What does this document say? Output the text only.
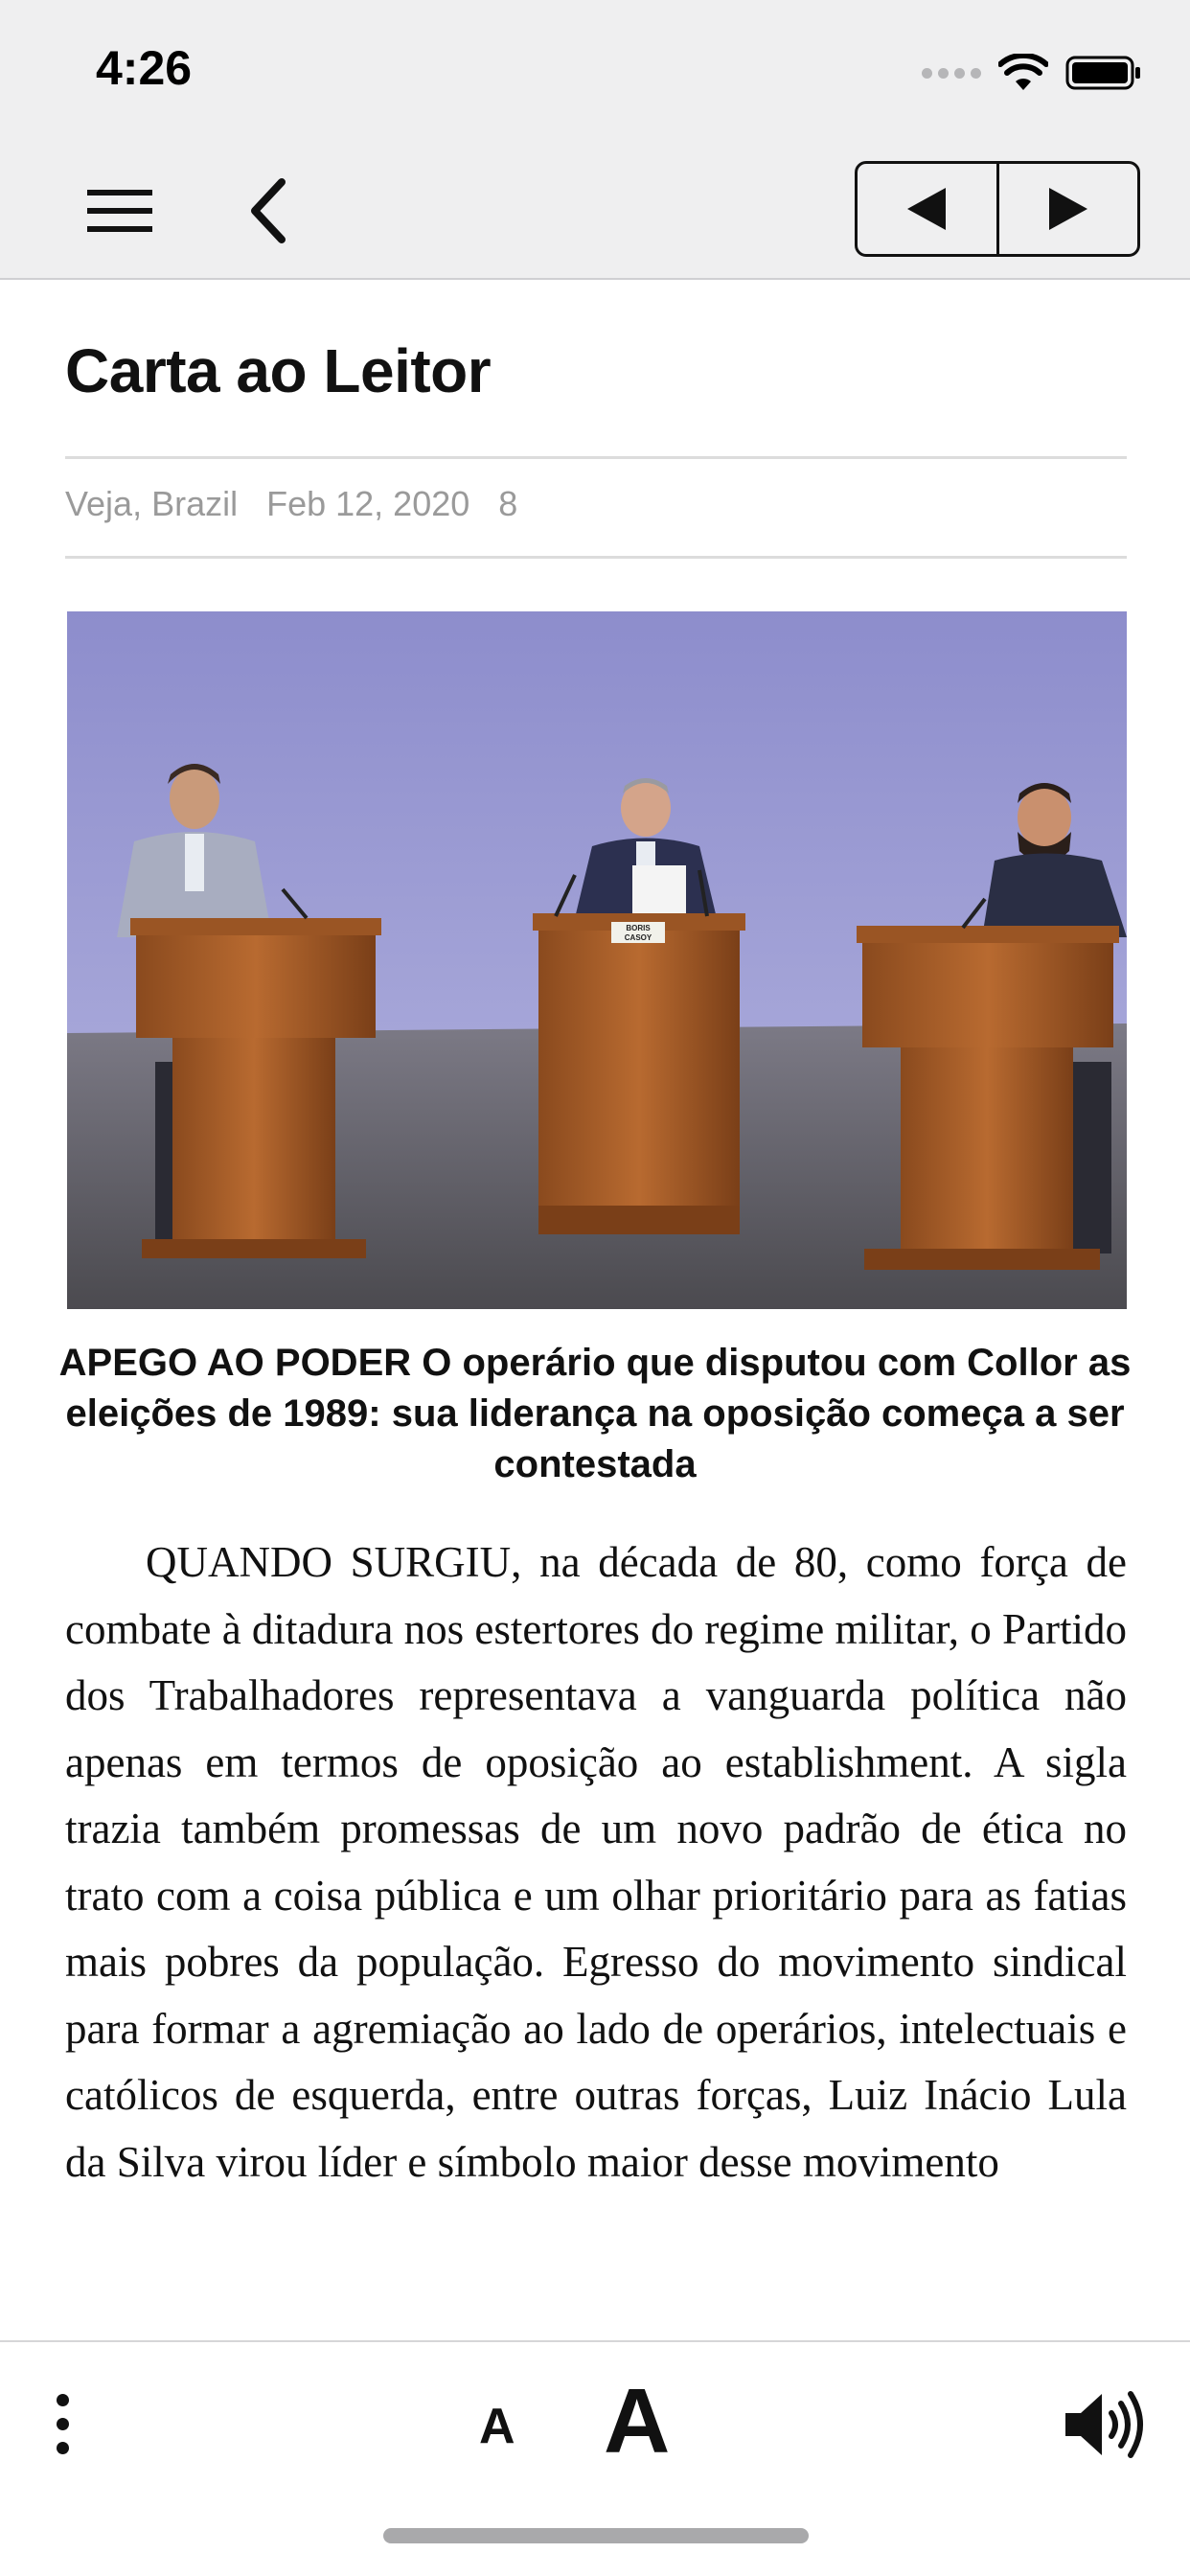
4:26
Carta ao Leitor
Veja, Brazil Feb 12, 2020 8
BORIS
CASOY
APEGO AO PODER O operário que disputou com Collor as eleições de 1989: sua liderança na oposição começa a ser contestada
QUANDO SURGIU, na década de 80, como força de combate à ditadura nos estertores do regime militar, o Partido dos Trabalhadores representava a vanguarda política não apenas em termos de oposição ao establishment. A sigla trazia também promessas de um novo padrão de ética no trato com a coisa pública e um olhar prioritário para as fatias mais pobres da população. Egresso do movimento sindical para formar a agremiação ao lado de operários, intelectuais e católicos de esquerda, entre outras forças, Luiz Inácio Lula da Silva virou líder e símbolo maior desse movimento
A A
